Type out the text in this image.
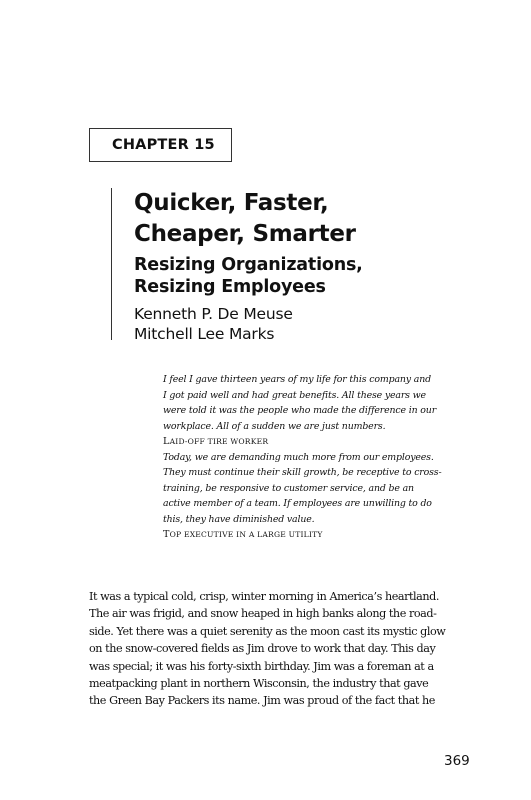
CHAPTER 15
Quicker, Faster,
Cheaper, Smarter
Resizing Organizations,
Resizing Employees
Kenneth P. De Meuse
Mitchell Lee Marks
I feel I gave thirteen years of my life for this company and
I got paid well and had great benefits. All these years we
were told it was the people who made the difference in our
workplace. All of a sudden we are just numbers.
LAID-OFF TIRE WORKER
Today, we are demanding much more from our employees.
They must continue their skill growth, be receptive to cross-
training, be responsive to customer service, and be an
active member of a team. If employees are unwilling to do
this, they have diminished value.
TOP EXECUTIVE IN A LARGE UTILITY
It was a typical cold, crisp, winter morning in America’s heartland.
The air was frigid, and snow heaped in high banks along the road-
side. Yet there was a quiet serenity as the moon cast its mystic glow
on the snow-covered fields as Jim drove to work that day. This day
was special; it was his forty-sixth birthday. Jim was a foreman at a
meatpacking plant in northern Wisconsin, the industry that gave
the Green Bay Packers its name. Jim was proud of the fact that he
369
